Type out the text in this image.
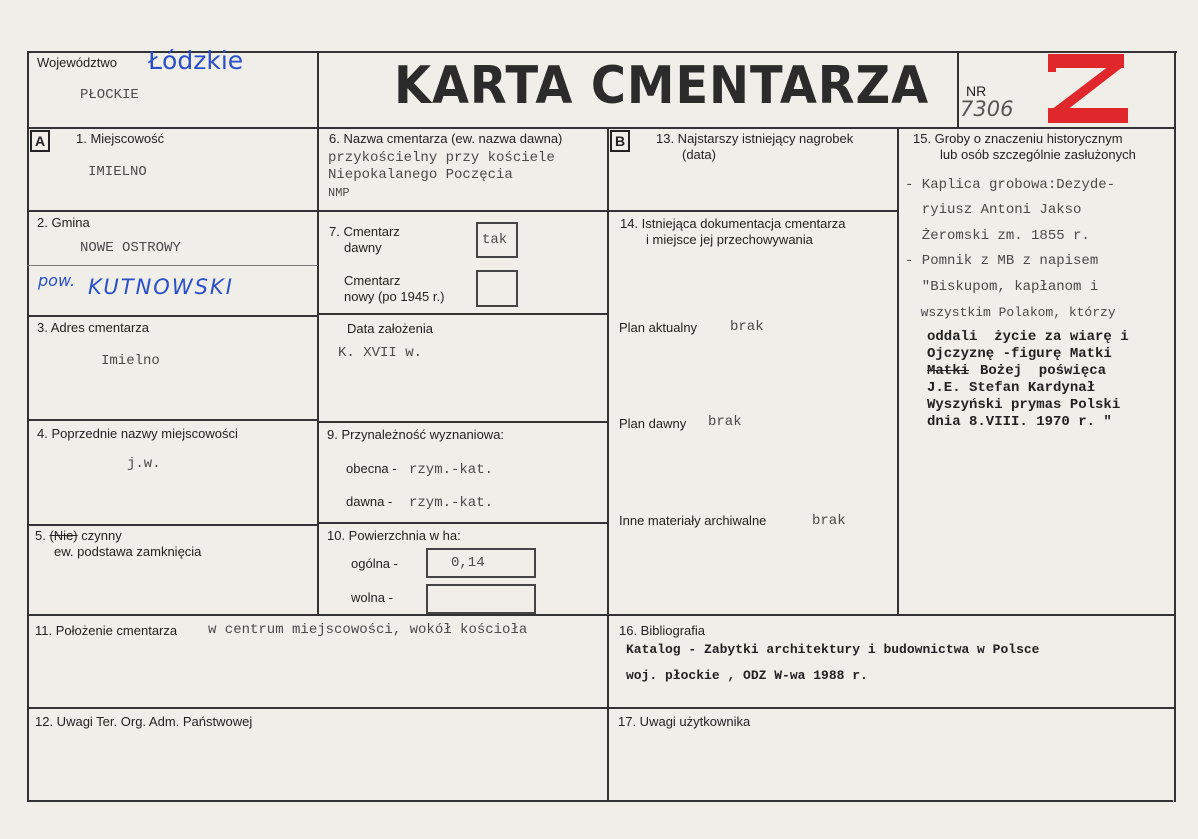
Województwo Łódzkie
PŁOCKIE	KARTA CMENTARZA	NR
7306
A	B
1. Miejscowość
IMIELNO
2. Gmina
NOWE OSTROWY
pow. KUTNOWSKI
3. Adres cmentarza
Imielno
4. Poprzednie nazwy miejscowości
j.w.
5. (Nie) czynny
ew. podstawa zamknięcia
6. Nazwa cmentarza (ew. nazwa dawna)
przykościelny przy kościele
Niepokalanego Poczęcia
NMP
7. Cmentarz
dawny	tak
Cmentarz
nowy (po 1945 r.)
Data założenia
K. XVII w.
9. Przynależność wyznaniowa:
obecna - rzym.-kat.
dawna - rzym.-kat.
10. Powierzchnia w ha:
ogólna -	0,14
wolna -
13. Najstarszy istniejący nagrobek
(data)
14. Istniejąca dokumentacja cmentarza
i miejsce jej przechowywania
Plan aktualny brak
Plan dawny brak
Inne materiały archiwalne	brak
15. Groby o znaczeniu historycznym
lub osób szczególnie zasłużonych
- Kaplica grobowa:Dezyde-
ryiusz Antoni Jakso
Żeromski zm. 1855 r.
- Pomnik z MB z napisem
"Biskupom, kapłanom i
wszystkim Polakom, którzy
oddali  życie za wiarę i
Ojczyznę -figurę Matki
Matki Bożej  poświęca
J.E. Stefan Kardynał
Wyszyński prymas Polski
dnia 8.VIII. 1970 r. "
11. Położenie cmentarza w centrum miejscowości, wokół kościoła	16. Bibliografia
Katalog - Zabytki architektury i budownictwa w Polsce
woj. płockie , ODZ W-wa 1988 r.
12. Uwagi Ter. Org. Adm. Państwowej	17. Uwagi użytkownika
